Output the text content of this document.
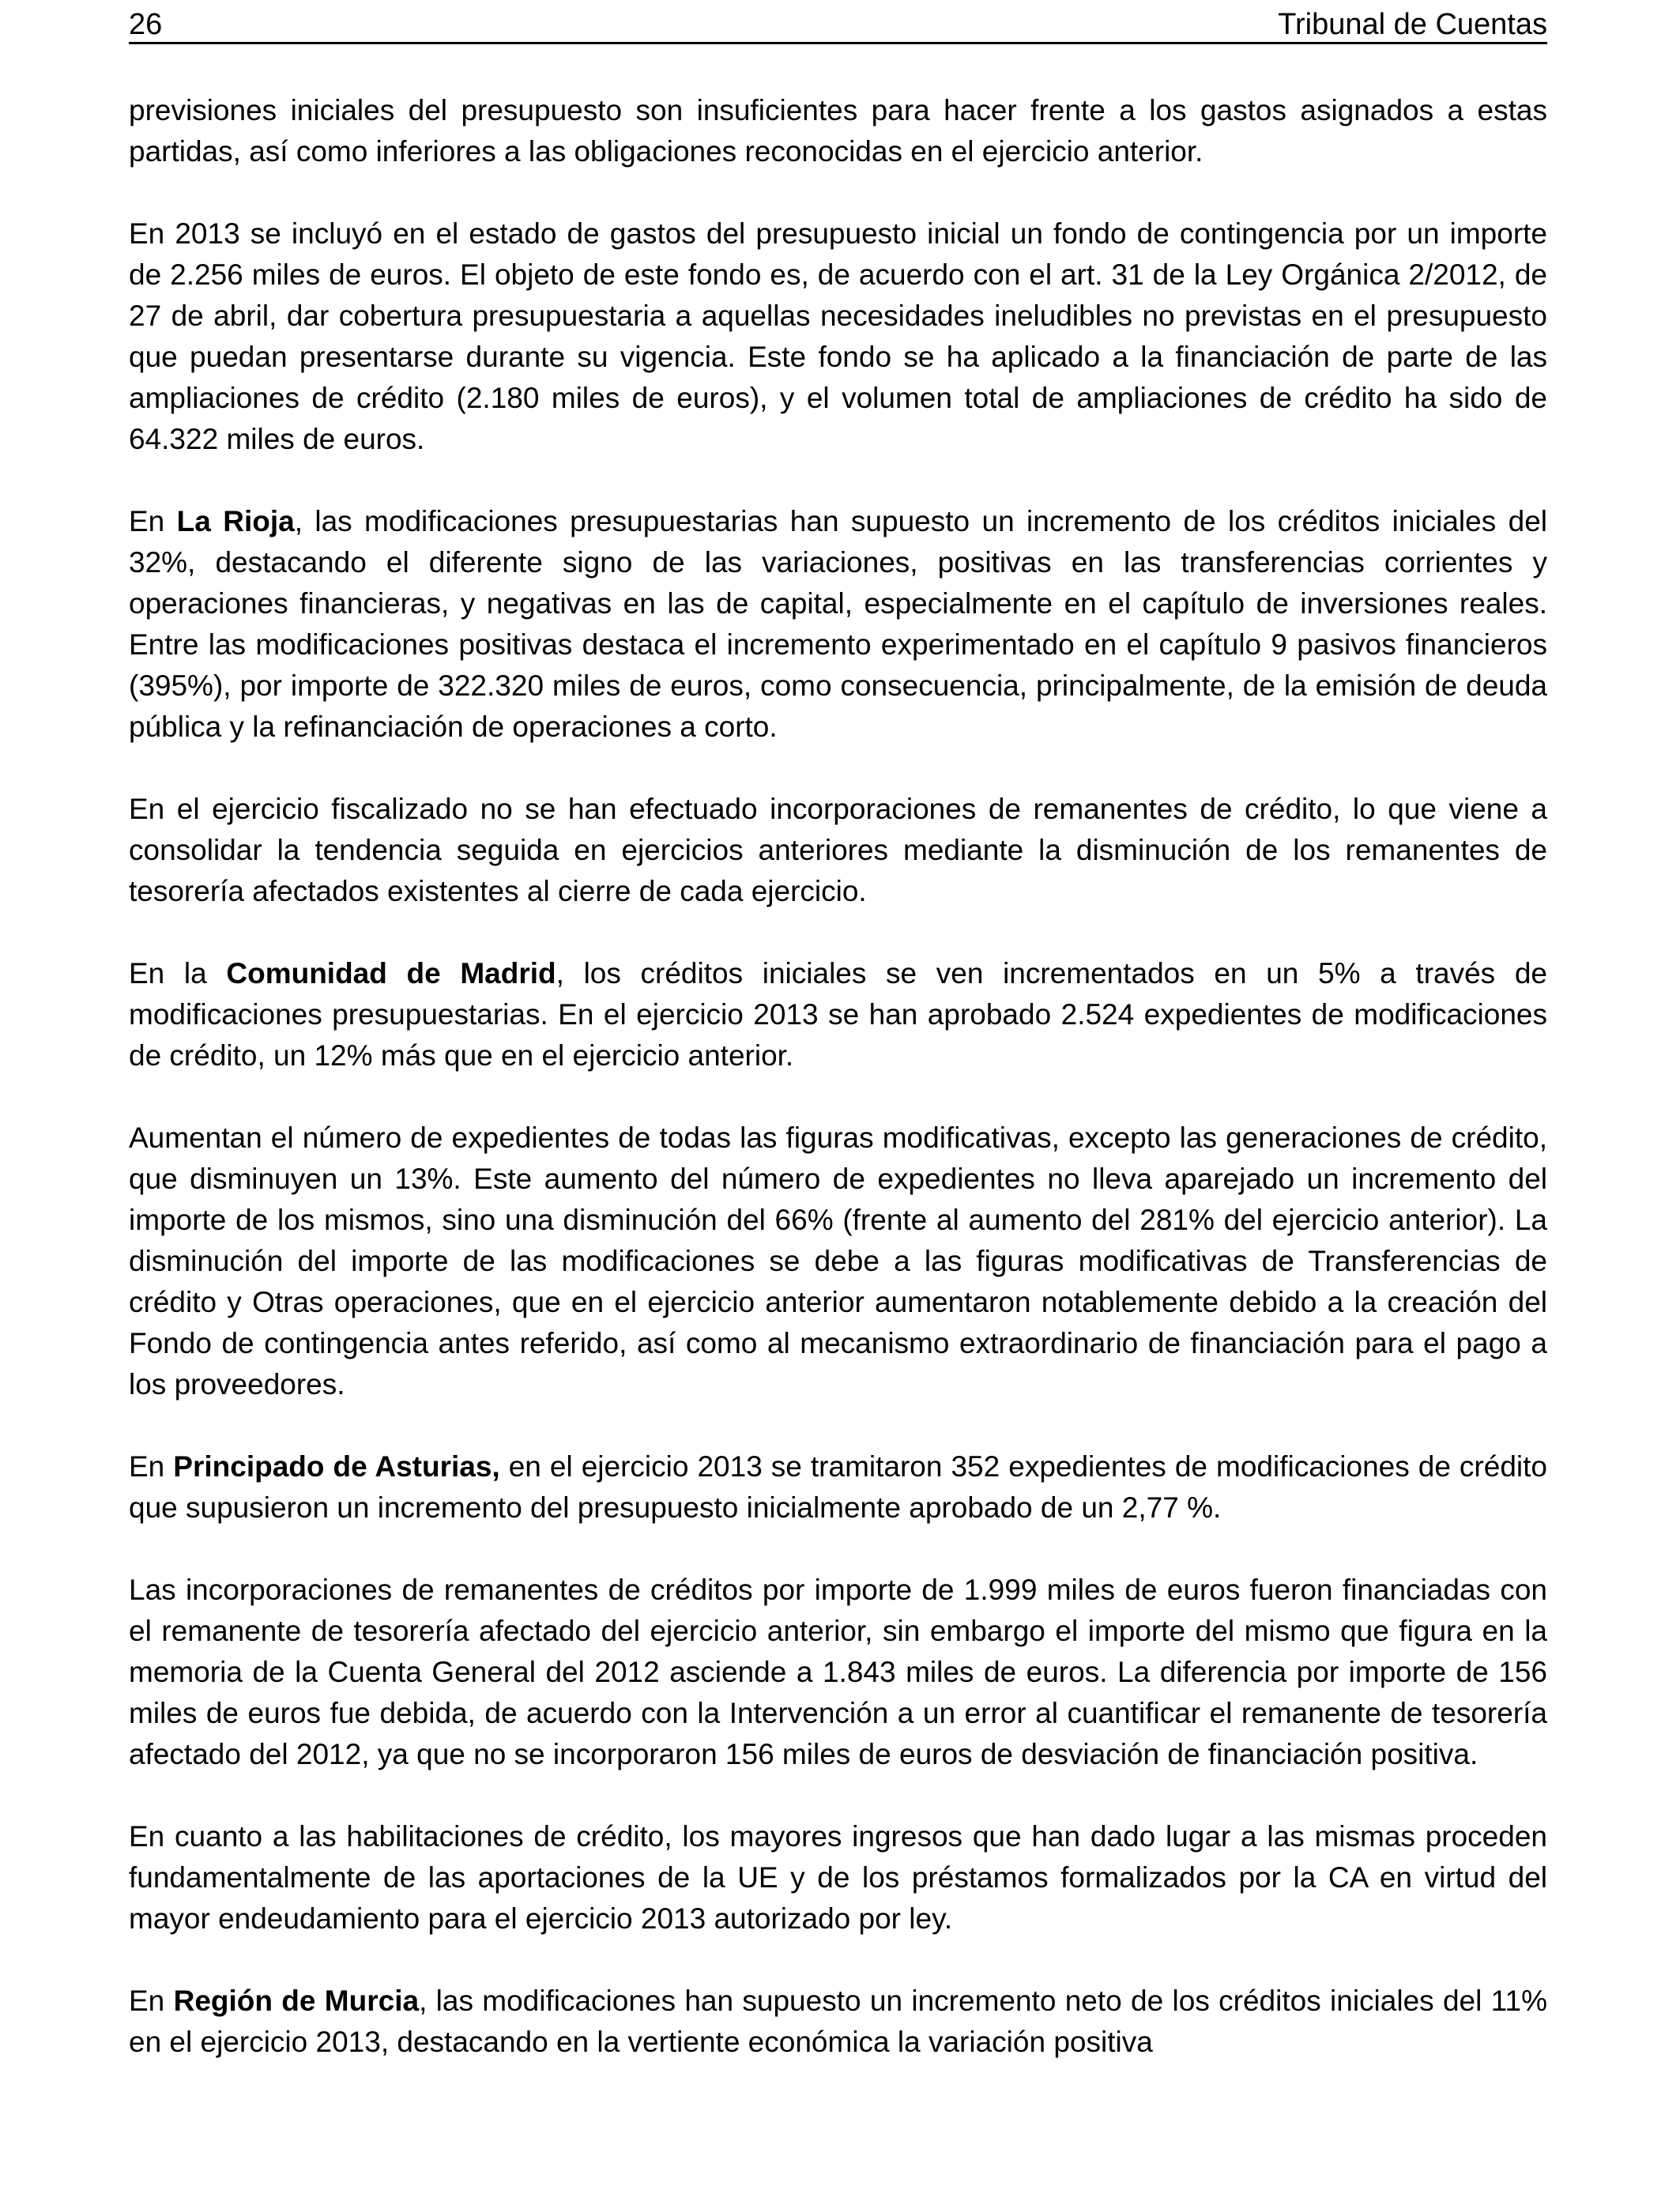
26	Tribunal de Cuentas

previsiones iniciales del presupuesto son insuficientes para hacer frente a los gastos asignados a estas partidas, así como inferiores a las obligaciones reconocidas en el ejercicio anterior.

En 2013 se incluyó en el estado de gastos del presupuesto inicial un fondo de contingencia por un importe de 2.256 miles de euros. El objeto de este fondo es, de acuerdo con el art. 31 de la Ley Orgánica 2/2012, de 27 de abril, dar cobertura presupuestaria a aquellas necesidades ineludibles no previstas en el presupuesto que puedan presentarse durante su vigencia. Este fondo se ha aplicado a la financiación de parte de las ampliaciones de crédito (2.180 miles de euros), y el volumen total de ampliaciones de crédito ha sido de 64.322 miles de euros.

En La Rioja, las modificaciones presupuestarias han supuesto un incremento de los créditos iniciales del 32%, destacando el diferente signo de las variaciones, positivas en las transferencias corrientes y operaciones financieras, y negativas en las de capital, especialmente en el capítulo de inversiones reales. Entre las modificaciones positivas destaca el incremento experimentado en el capítulo 9 pasivos financieros (395%), por importe de 322.320 miles de euros, como consecuencia, principalmente, de la emisión de deuda pública y la refinanciación de operaciones a corto.

En el ejercicio fiscalizado no se han efectuado incorporaciones de remanentes de crédito, lo que viene a consolidar la tendencia seguida en ejercicios anteriores mediante la disminución de los remanentes de tesorería afectados existentes al cierre de cada ejercicio.

En la Comunidad de Madrid, los créditos iniciales se ven incrementados en un 5% a través de modificaciones presupuestarias. En el ejercicio 2013 se han aprobado 2.524 expedientes de modificaciones de crédito, un 12% más que en el ejercicio anterior.

Aumentan el número de expedientes de todas las figuras modificativas, excepto las generaciones de crédito, que disminuyen un 13%. Este aumento del número de expedientes no lleva aparejado un incremento del importe de los mismos, sino una disminución del 66% (frente al aumento del 281% del ejercicio anterior). La disminución del importe de las modificaciones se debe a las figuras modificativas de Transferencias de crédito y Otras operaciones, que en el ejercicio anterior aumentaron notablemente debido a la creación del Fondo de contingencia antes referido, así como al mecanismo extraordinario de financiación para el pago a los proveedores.

En Principado de Asturias, en el ejercicio 2013 se tramitaron 352 expedientes de modificaciones de crédito que supusieron un incremento del presupuesto inicialmente aprobado de un 2,77 %.

Las incorporaciones de remanentes de créditos por importe de 1.999 miles de euros fueron financiadas con el remanente de tesorería afectado del ejercicio anterior, sin embargo el importe del mismo que figura en la memoria de la Cuenta General del 2012 asciende a 1.843 miles de euros. La diferencia por importe de 156 miles de euros fue debida, de acuerdo con la Intervención a un error al cuantificar el remanente de tesorería afectado del 2012, ya que no se incorporaron 156 miles de euros de desviación de financiación positiva.

En cuanto a las habilitaciones de crédito, los mayores ingresos que han dado lugar a las mismas proceden fundamentalmente de las aportaciones de la UE y de los préstamos formalizados por la CA en virtud del mayor endeudamiento para el ejercicio 2013 autorizado por ley.

En Región de Murcia, las modificaciones han supuesto un incremento neto de los créditos iniciales del 11% en el ejercicio 2013, destacando en la vertiente económica la variación positiva
